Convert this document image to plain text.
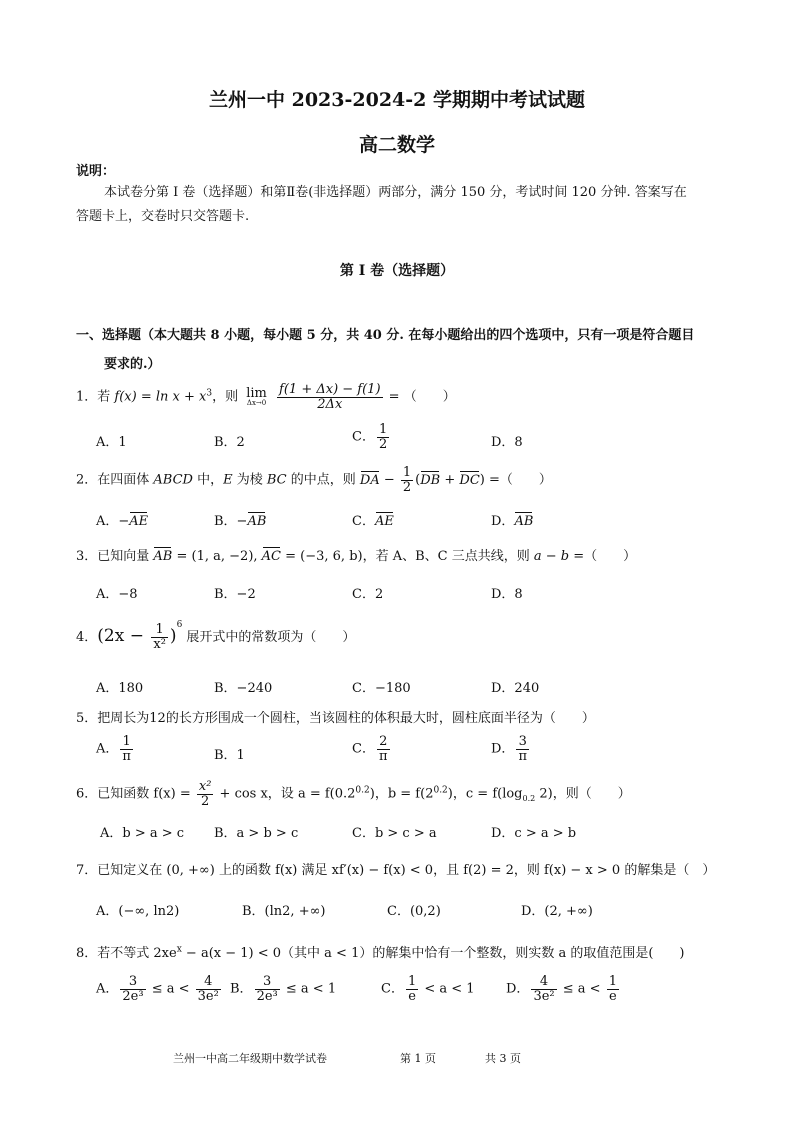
兰州一中 2023-2024-2 学期期中考试试题
高二数学
说明：
本试卷分第 I 卷（选择题）和第Ⅱ卷(非选择题）两部分，满分 150 分，考试时间 120 分钟. 答案写在
答题卡上，交卷时只交答题卡.
第 I 卷（选择题）
一、选择题（本大题共 8 小题，每小题 5 分，共 40 分. 在每小题给出的四个选项中，只有一项是符合题目
要求的.）
1．若 $f(x) = \ln x + x^3$，则 lim
Δx→0
$\frac{f(1 + \Delta x) - f(1)}{2\Delta x}$ = （　　）
A．1	B．2	C． $\frac{1}{2}$	D．8
2．在四面体 ABCD 中，E 为棱 BC 的中点，则 DA − $\frac{1}{2} (DB + DC)$ =（　　）
A．−AE	B．−AB	C．AE	D．AB
3．已知向量 AB = (1, a, −2), AC = (−3, 6, b)，若 A、B、C 三点共线，则 a − b =（　　）
A．−8	B．−2	C．2	D．8
4．$(2x - \frac{1}{\text{x²}} )^6$ 展开式中的常数项为（　　）
A．180	B．−240	C．−180	D．240
5．把周长为12的长方形围成一个圆柱，当该圆柱的体积最大时，圆柱底面半径为（　　）
A． $\frac{1}{\pi}$	B．1	C． $\frac{2}{\pi}$	D． $\frac{3}{\pi}$
6．已知函数 $f(x) = \frac{\text{x²}}{2} + \cos x$，设 $a = f(0.2^{0.2})$，$b = f(2^{0.2})$，$c = f(\log_{0.2}$ 2)，则（　　）
A．b > a > c B．a > b > c	C．b > c > a	D．c > a > b
7．已知定义在 (0, +∞) 上的函数 f(x) 满足 xf′(x) − f(x) < 0，且 f(2) = 2，则 f(x) − x > 0 的解集是（　）
A．(−∞, ln2)	B．(ln2, +∞)	C．(0,2)	D．(2, +∞)
8．若不等式 $2xe^x - a(x - 1) < 0$（其中 a < 1）的解集中恰有一个整数，则实数 a 的取值范围是(　　)
A． $\frac{3}{\text{2e³}} \le a < \frac{4}{\text{3e²}}$ B． $\frac{3}{\text{2e³}} \le a < 1$	C． $\frac{1}{e} < a < 1$ D． $\frac{4}{\text{3e²}} \le a < \frac{1}{e}$
兰州一中高二年级期中数学试卷	第 1 页	共 3 页
